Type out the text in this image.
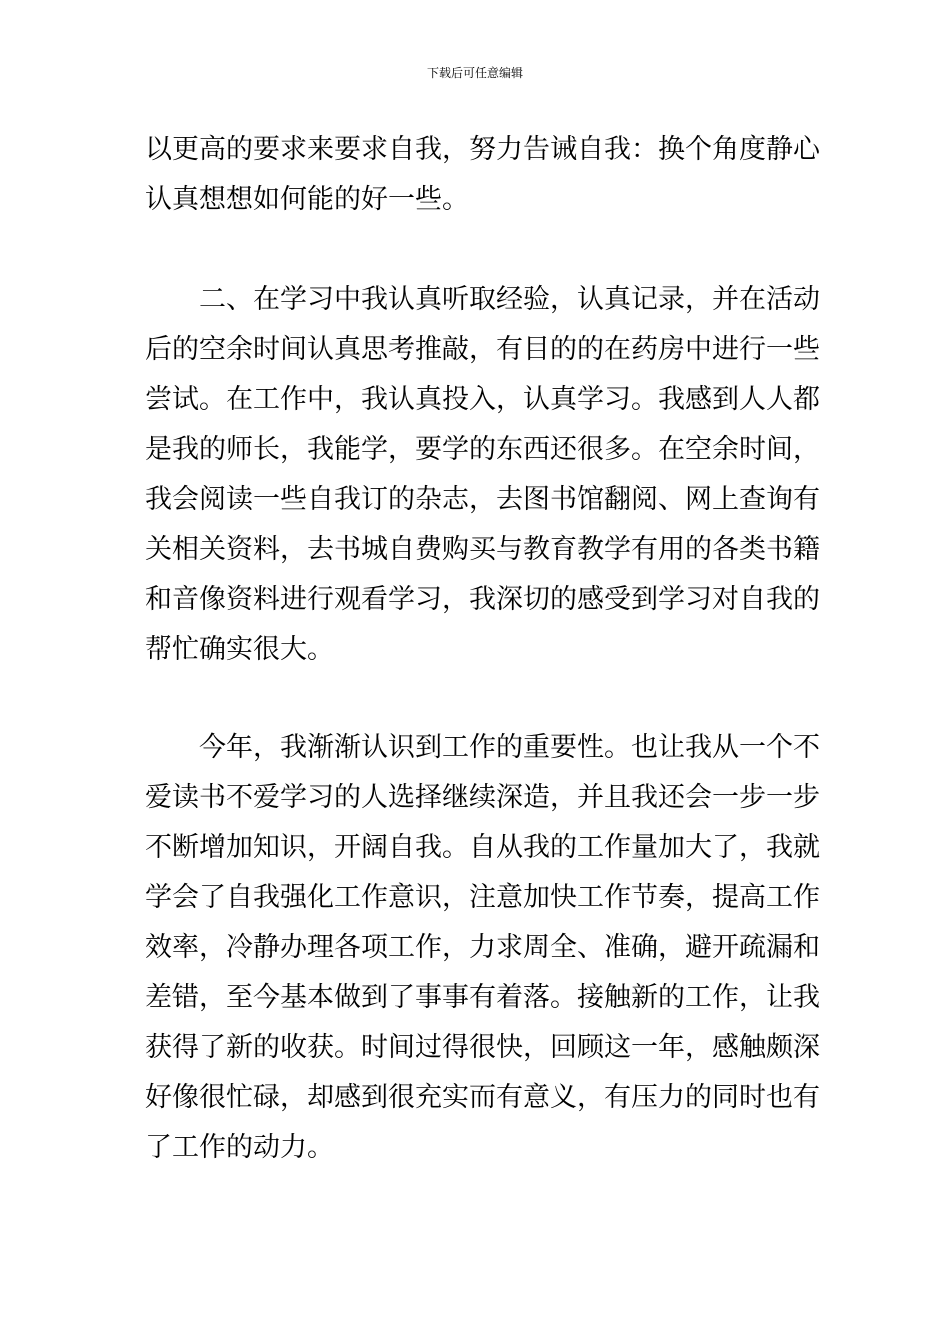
下载后可任意编辑
以更高的要求来要求自我，努力告诫自我：换个角度静心
认真想想如何能的好一些。
二、在学习中我认真听取经验，认真记录，并在活动
后的空余时间认真思考推敲，有目的的在药房中进行一些
尝试。在工作中，我认真投入，认真学习。我感到人人都
是我的师长，我能学，要学的东西还很多。在空余时间，
我会阅读一些自我订的杂志，去图书馆翻阅、网上查询有
关相关资料，去书城自费购买与教育教学有用的各类书籍
和音像资料进行观看学习，我深切的感受到学习对自我的
帮忙确实很大。
今年，我渐渐认识到工作的重要性。也让我从一个不
爱读书不爱学习的人选择继续深造，并且我还会一步一步
不断增加知识，开阔自我。自从我的工作量加大了，我就
学会了自我强化工作意识，注意加快工作节奏，提高工作
效率，冷静办理各项工作，力求周全、准确，避开疏漏和
差错，至今基本做到了事事有着落。接触新的工作，让我
获得了新的收获。时间过得很快，回顾这一年，感触颇深
好像很忙碌，却感到很充实而有意义，有压力的同时也有
了工作的动力。
